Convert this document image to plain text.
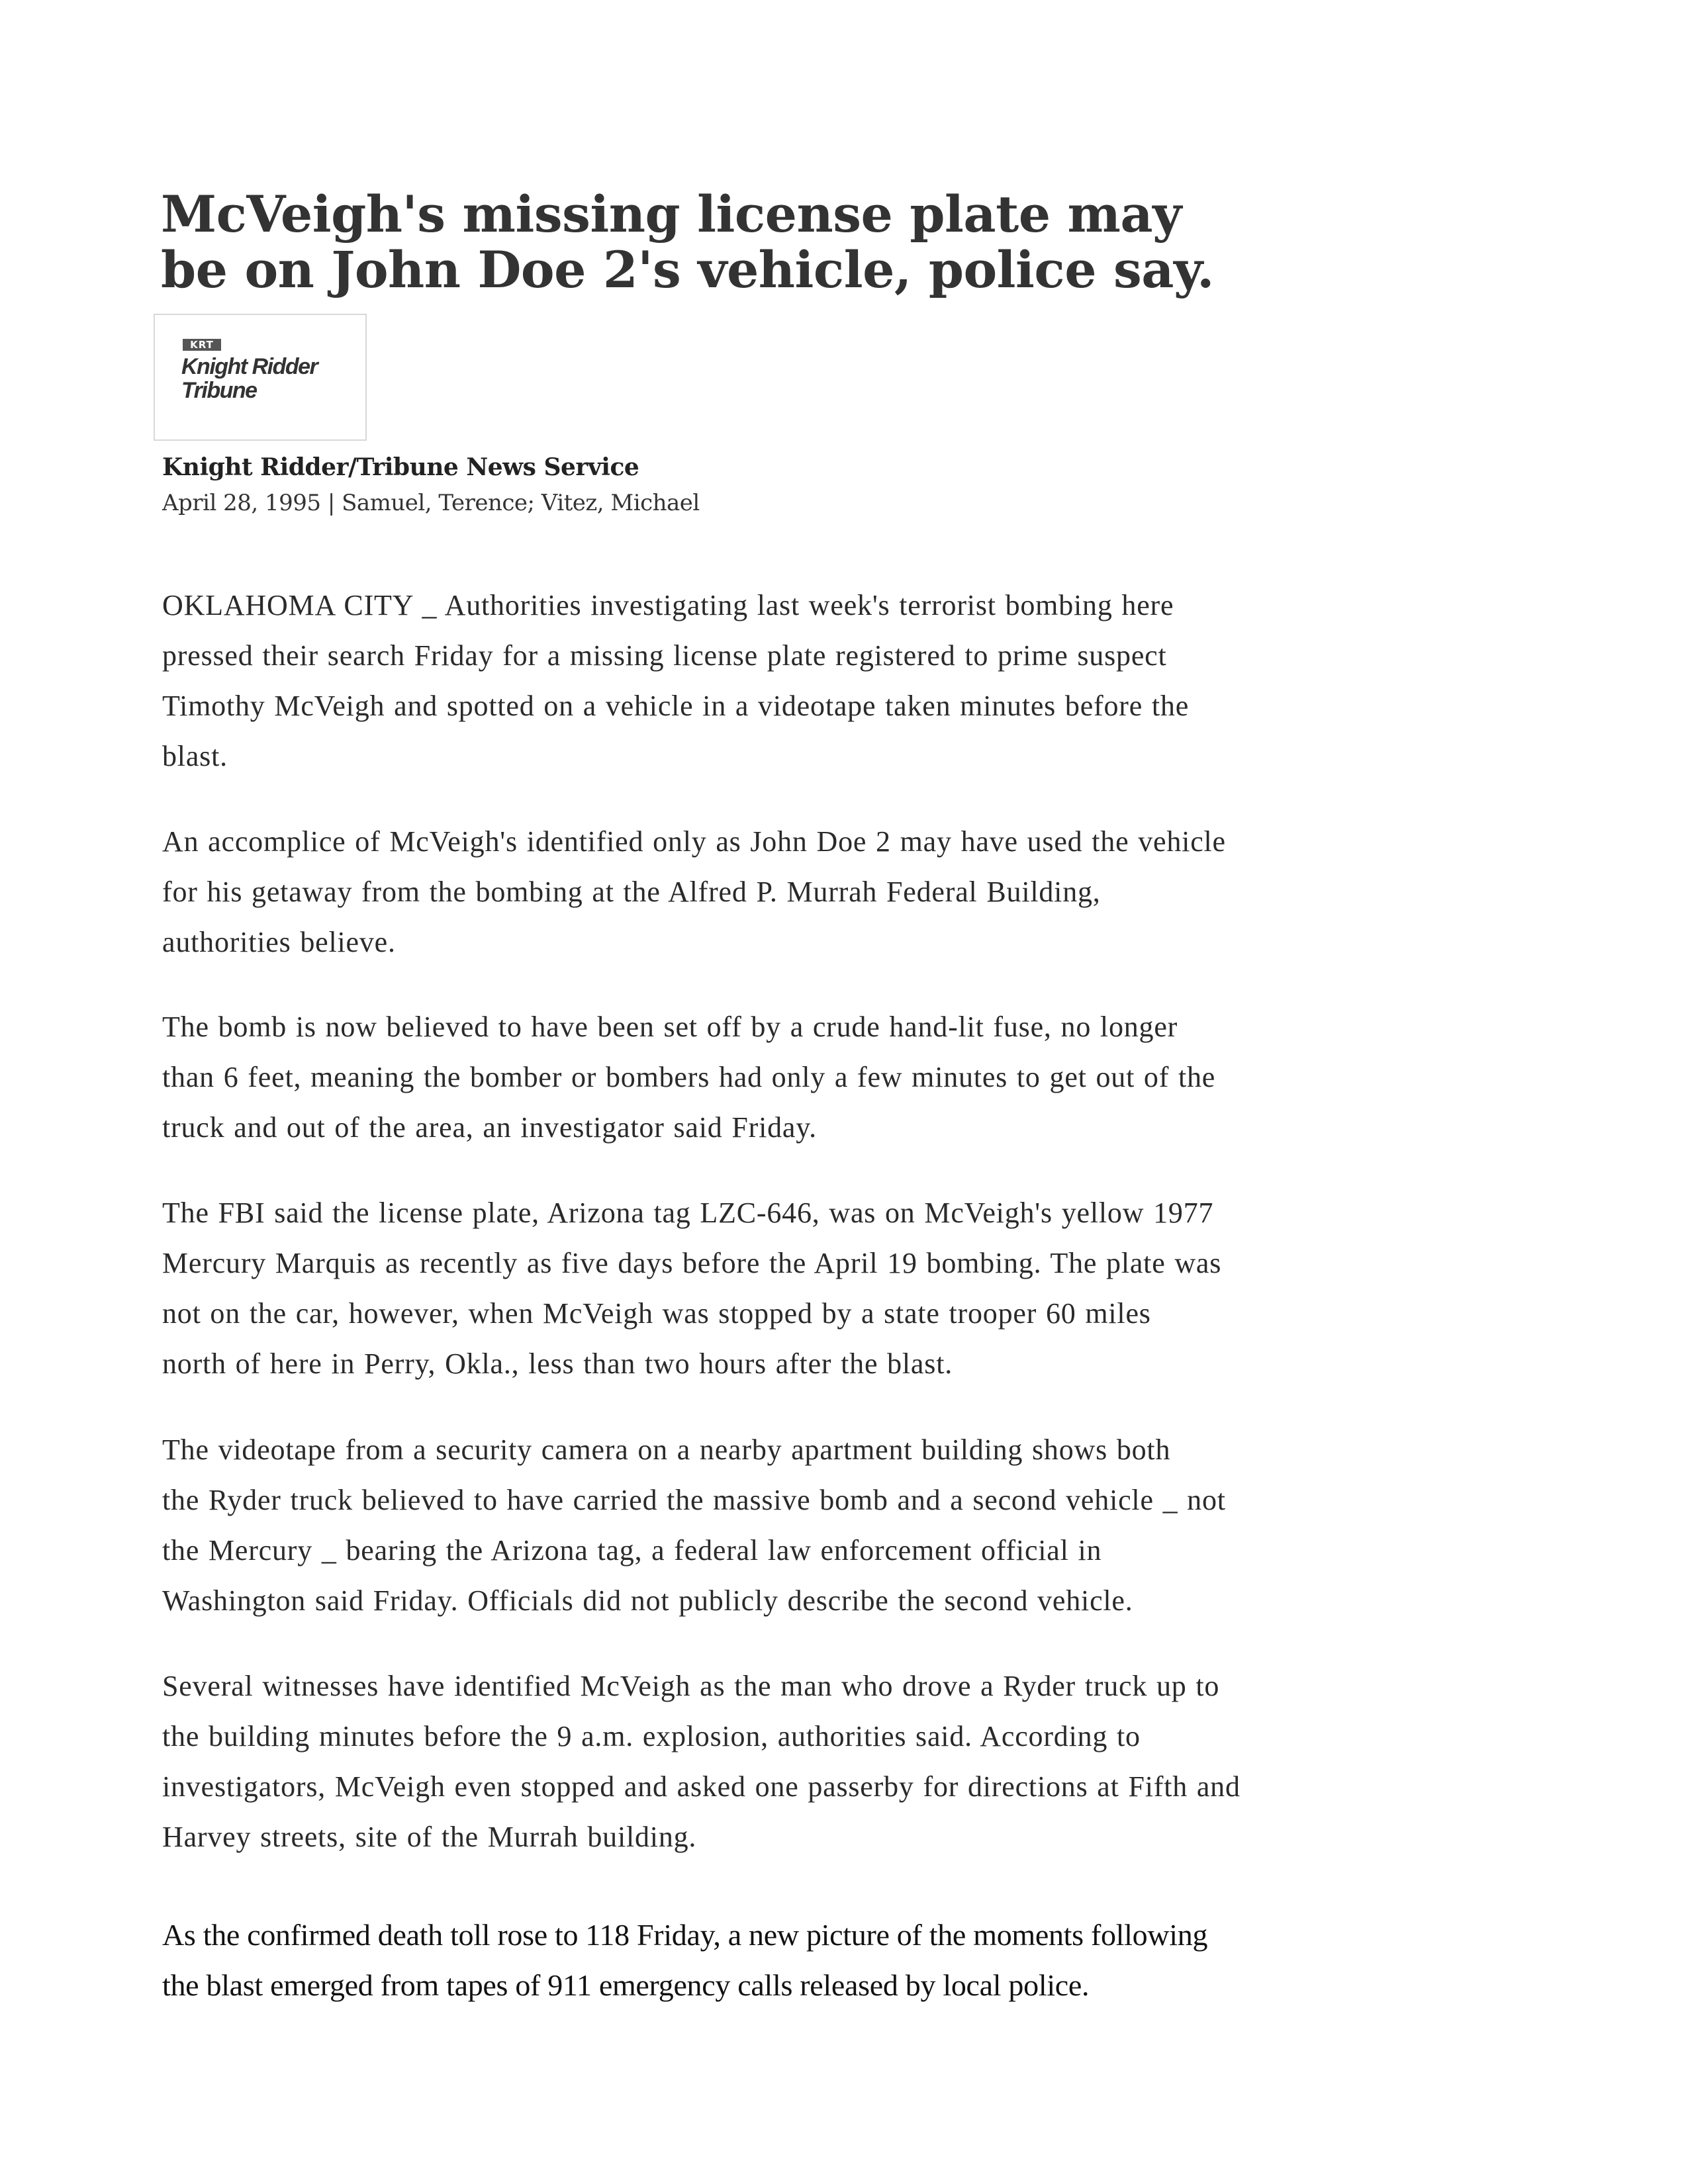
McVeigh's missing license plate may
be on John Doe 2's vehicle, police say.
KRT
Knight Ridder
Tribune
Knight Ridder/Tribune News Service
April 28, 1995 | Samuel, Terence; Vitez, Michael

OKLAHOMA CITY _ Authorities investigating last week's terrorist bombing here
pressed their search Friday for a missing license plate registered to prime suspect
Timothy McVeigh and spotted on a vehicle in a videotape taken minutes before the
blast.

An accomplice of McVeigh's identified only as John Doe 2 may have used the vehicle
for his getaway from the bombing at the Alfred P. Murrah Federal Building,
authorities believe.

The bomb is now believed to have been set off by a crude hand-lit fuse, no longer
than 6 feet, meaning the bomber or bombers had only a few minutes to get out of the
truck and out of the area, an investigator said Friday.

The FBI said the license plate, Arizona tag LZC-646, was on McVeigh's yellow 1977
Mercury Marquis as recently as five days before the April 19 bombing. The plate was
not on the car, however, when McVeigh was stopped by a state trooper 60 miles
north of here in Perry, Okla., less than two hours after the blast.

The videotape from a security camera on a nearby apartment building shows both
the Ryder truck believed to have carried the massive bomb and a second vehicle _ not
the Mercury _ bearing the Arizona tag, a federal law enforcement official in
Washington said Friday. Officials did not publicly describe the second vehicle.

Several witnesses have identified McVeigh as the man who drove a Ryder truck up to
the building minutes before the 9 a.m. explosion, authorities said. According to
investigators, McVeigh even stopped and asked one passerby for directions at Fifth and
Harvey streets, site of the Murrah building.

As the confirmed death toll rose to 118 Friday, a new picture of the moments following
the blast emerged from tapes of 911 emergency calls released by local police.
